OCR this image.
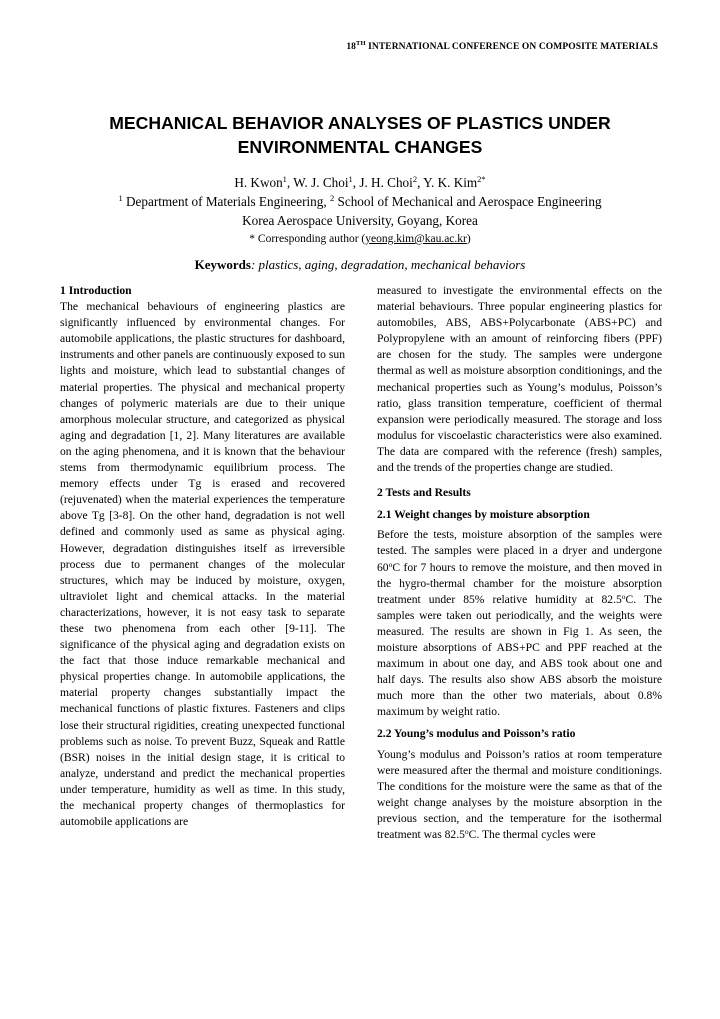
18TH INTERNATIONAL CONFERENCE ON COMPOSITE MATERIALS
MECHANICAL BEHAVIOR ANALYSES OF PLASTICS UNDER
ENVIRONMENTAL CHANGES
H. Kwon$^1$, W. J. Choi$^1$, J. H. Choi$^2$, Y. K. Kim$^{2*}$
$^1$ Department of Materials Engineering, $^2$ School of Mechanical and Aerospace Engineering
Korea Aerospace University, Goyang, Korea
* Corresponding author (yeong.kim@kau.ac.kr)
Keywords: plastics, aging, degradation, mechanical behaviors
1 Introduction

The mechanical behaviours of engineering plastics are significantly influenced by environmental changes. For automobile applications, the plastic structures for dashboard, instruments and other panels are continuously exposed to sun lights and moisture, which lead to substantial changes of material properties. The physical and mechanical property changes of polymeric materials are due to their unique amorphous molecular structure, and categorized as physical aging and degradation [1, 2]. Many literatures are available on the aging phenomena, and it is known that the behaviour stems from thermodynamic equilibrium process. The memory effects under Tg is erased and recovered (rejuvenated) when the material experiences the temperature above Tg [3-8]. On the other hand, degradation is not well defined and commonly used as same as physical aging. However, degradation distinguishes itself as irreversible process due to permanent changes of the molecular structures, which may be induced by moisture, oxygen, ultraviolet light and chemical attacks. In the material characterizations, however, it is not easy task to separate these two phenomena from each other [9-11]. The significance of the physical aging and degradation exists on the fact that those induce remarkable mechanical and physical properties change. In automobile applications, the material property changes substantially impact the mechanical functions of plastic fixtures. Fasteners and clips lose their structural rigidities, creating unexpected functional problems such as noise. To prevent Buzz, Squeak and Rattle (BSR) noises in the initial design stage, it is critical to analyze, understand and predict the mechanical properties under temperature, humidity as well as time. In this study, the mechanical property changes of thermoplastics for automobile applications are

measured to investigate the environmental effects on the material behaviours. Three popular engineering plastics for automobiles, ABS, ABS+Polycarbonate (ABS+PC) and Polypropylene with an amount of reinforcing fibers (PPF) are chosen for the study. The samples were undergone thermal as well as moisture absorption conditionings, and the mechanical properties such as Young’s modulus, Poisson’s ratio, glass transition temperature, coefficient of thermal expansion were periodically measured. The storage and loss modulus for viscoelastic characteristics were also examined. The data are compared with the reference (fresh) samples, and the trends of the properties change are studied.

2 Tests and Results
2.1 Weight changes by moisture absorption

Before the tests, moisture absorption of the samples were tested. The samples were placed in a dryer and undergone 60$^o$C for 7 hours to remove the moisture, and then moved in the hygro-thermal chamber for the moisture absorption treatment under 85% relative humidity at 82.5$^o$C. The samples were taken out periodically, and the weights were measured. The results are shown in Fig 1. As seen, the moisture absorptions of ABS+PC and PPF reached at the maximum in about one day, and ABS took about one and half days. The results also show ABS absorb the moisture much more than the other two materials, about 0.8% maximum by weight ratio.

2.2 Young’s modulus and Poisson’s ratio

Young’s modulus and Poisson’s ratios at room temperature were measured after the thermal and moisture conditionings. The conditions for the moisture were the same as that of the weight change analyses by the moisture absorption in the previous section, and the temperature for the isothermal treatment was 82.5$^o$C. The thermal cycles were
